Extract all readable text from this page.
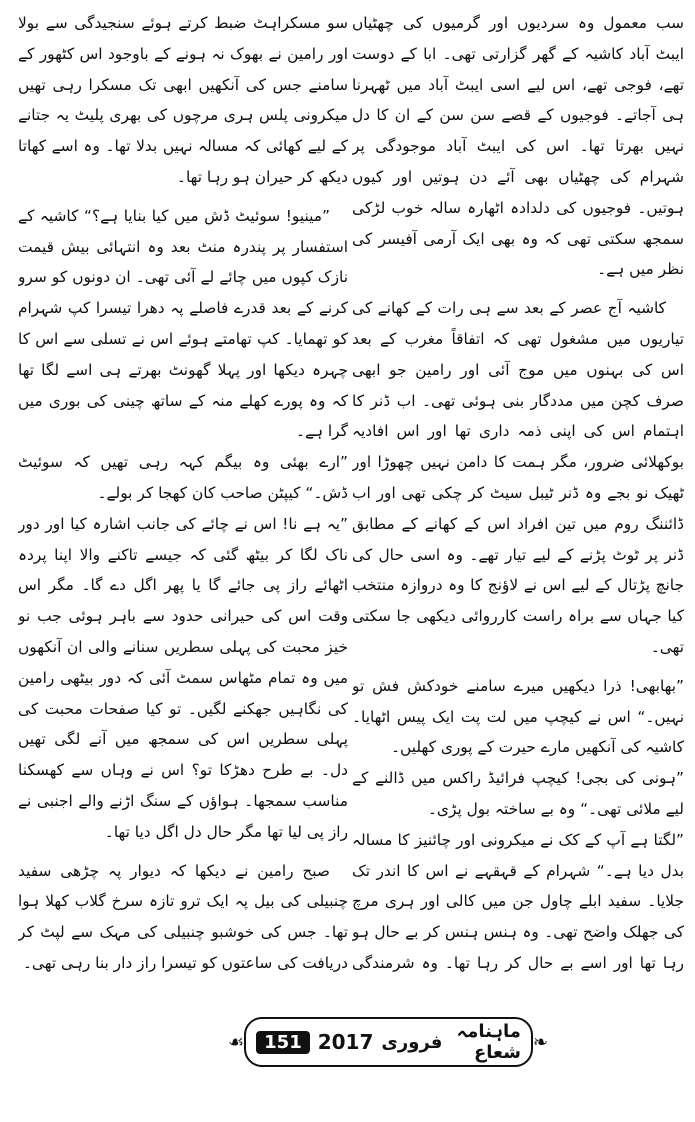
سب معمول وہ سردیوں اور گرمیوں کی چھٹیاں ایبٹ آباد کاشیہ کے گھر گزارتی تھی۔ ابا کے دوست تھے، فوجی تھے، اس لیے اسی ایبٹ آباد میں ٹھہرنا ہی آجاتے۔ فوجیوں کے قصے سن سن کے ان کا دل نہیں بھرتا تھا۔ اس کی ایبٹ آباد موجودگی پر شہرام کی چھٹیاں بھی آئے دن ہوتیں اور کیوں ہوتیں۔ فوجیوں کی دلدادہ اٹھارہ سالہ خوب لڑکی سمجھ سکتی تھی کہ وہ بھی ایک آرمی آفیسر کی نظر میں ہے۔

کاشیہ آج عصر کے بعد سے ہی رات کے کھانے کی تیاریوں میں مشغول تھی کہ اتفاقاً مغرب کے بعد اس کی بہنوں میں موج آئی اور رامین جو ابھی صرف کچن میں مددگار بنی ہوئی تھی۔ اب ڈنر کا اہتمام اس کی اپنی ذمہ داری تھا اور اس افادیہ بوکھلائی ضرور، مگر ہمت کا دامن نہیں چھوڑا اور ٹھیک نو بجے وہ ڈنر ٹیبل سیٹ کر چکی تھی اور اب ڈائننگ روم میں تین افراد اس کے کھانے کے مطابق ڈنر پر ٹوٹ پڑنے کے لیے تیار تھے۔ وہ اسی حال کی جانچ پڑتال کے لیے اس نے لاؤنج کا وہ دروازہ منتخب کیا جہاں سے براہ راست کارروائی دیکھی جا سکتی تھی۔

”بھابھی! ذرا دیکھیں میرے سامنے خودکش فش تو نہیں۔“ اس نے کیچپ میں لت پت ایک پیس اٹھایا۔ کاشیہ کی آنکھیں مارے حیرت کے پوری کھلیں۔

”ہونی کی بجی! کیچپ فرائیڈ راکس میں ڈالنے کے لیے ملائی تھی۔“ وہ بے ساختہ بول پڑی۔

”لگتا ہے آپ کے کک نے میکرونی اور چائنیز کا مسالہ بدل دیا ہے۔“ شہرام کے قہقہے نے اس کا اندر تک جلایا۔ سفید ابلے چاول جن میں کالی اور ہری مرچ کی جھلک واضح تھی۔ وہ ہنس ہنس کر بے حال ہو رہا تھا اور اسے بے حال کر رہا تھا۔ وہ شرمندگی

سو مسکراہٹ ضبط کرتے ہوئے سنجیدگی سے بولا اور رامین نے بھوک نہ ہونے کے باوجود اس کٹھور کے سامنے جس کی آنکھیں ابھی تک مسکرا رہی تھیں میکرونی پلس ہری مرچوں کی بھری پلیٹ یہ جتانے کے لیے کھائی کہ مسالہ نہیں بدلا تھا۔ وہ اسے کھاتا دیکھ کر حیران ہو رہا تھا۔

”مینیو! سوئیٹ ڈش میں کیا بنایا ہے؟“ کاشیہ کے استفسار پر پندرہ منٹ بعد وہ انتہائی بیش قیمت نازک کپوں میں چائے لے آئی تھی۔ ان دونوں کو سرو کرنے کے بعد قدرے فاصلے پہ دھرا تیسرا کپ شہرام کو تھمایا۔ کپ تھامتے ہوئے اس نے تسلی سے اس کا چہرہ دیکھا اور پہلا گھونٹ بھرتے ہی اسے لگا تھا کہ وہ پورے کھلے منہ کے ساتھ چینی کی بوری میں گرا ہے۔

”ارے بھئی وہ بیگم کہہ رہی تھیں کہ سوئیٹ ڈش۔“ کیپٹن صاحب کان کھجا کر بولے۔

”یہ ہے نا! اس نے چائے کی جانب اشارہ کیا اور دور ناک لگا کر بیٹھ گئی کہ جیسے تاکنے والا اپنا پردہ اٹھائے راز پی جائے گا یا پھر اگل دے گا۔ مگر اس وقت اس کی حیرانی حدود سے باہر ہوئی جب نو خیز محبت کی پہلی سطریں سنانے والی ان آنکھوں میں وہ تمام مٹھاس سمٹ آئی کہ دور بیٹھی رامین کی نگاہیں جھکنے لگیں۔ تو کیا صفحات محبت کی پہلی سطریں اس کی سمجھ میں آنے لگی تھیں دل۔ بے طرح دھڑکا تو؟ اس نے وہاں سے کھسکنا مناسب سمجھا۔ ہواؤں کے سنگ اڑنے والے اجنبی نے راز پی لیا تھا مگر حال دل اگل دیا تھا۔

صبح رامین نے دیکھا کہ دیوار پہ چڑھی سفید چنبیلی کی بیل پہ ایک ترو تازہ سرخ گلاب کھلا ہوا تھا۔ جس کی خوشبو چنبیلی کی مہک سے لپٹ کر دریافت کی ساعتوں کو تیسرا راز دار بنا رہی تھی۔

❧
ماہنامہ شعاع
فروری
2017
151
☙
